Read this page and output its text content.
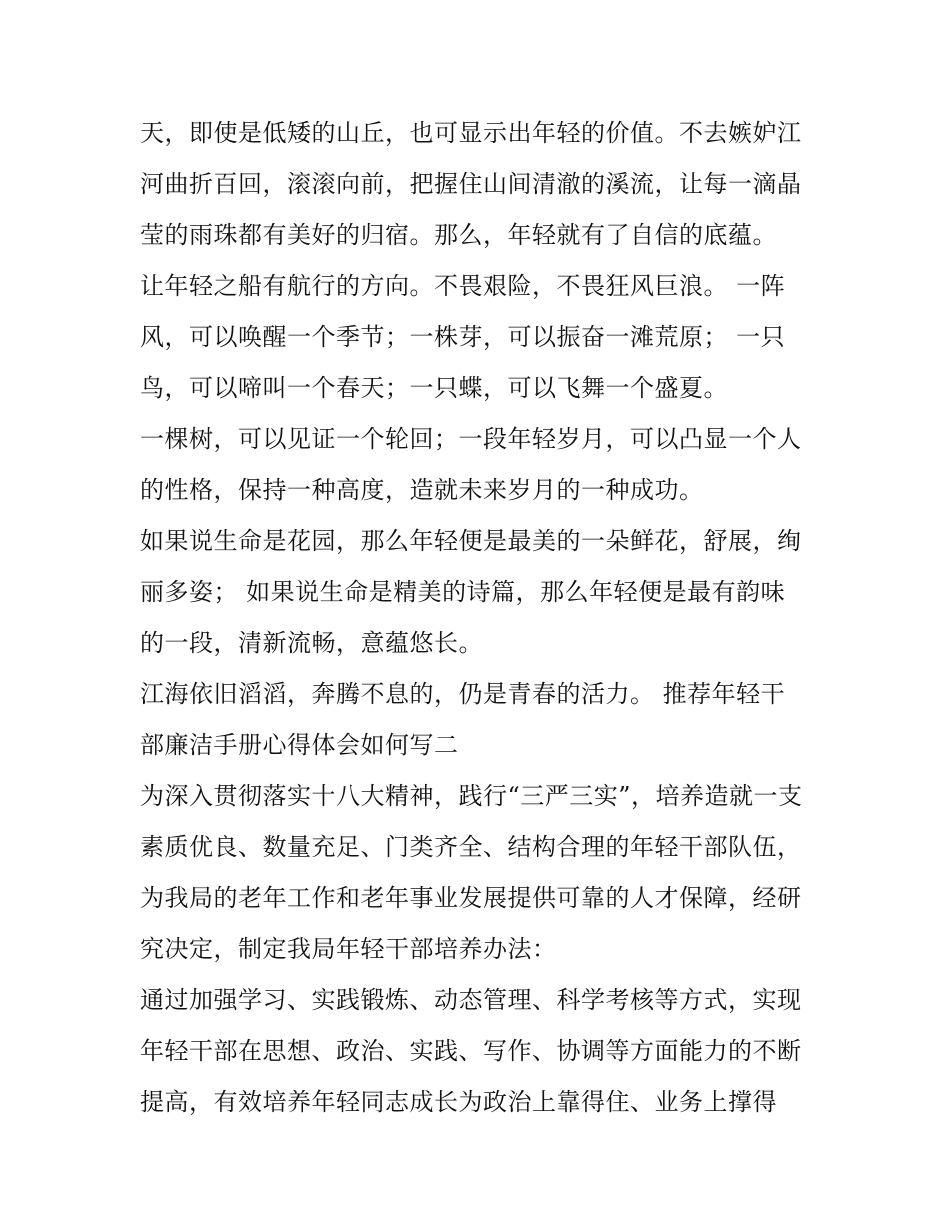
天，即使是低矮的山丘，也可显示出年轻的价值。不去嫉妒江
河曲折百回，滚滚向前，把握住山间清澈的溪流，让每一滴晶
莹的雨珠都有美好的归宿。那么，年轻就有了自信的底蕴。
让年轻之船有航行的方向。不畏艰险，不畏狂风巨浪。 一阵
风，可以唤醒一个季节；一株芽，可以振奋一滩荒原； 一只
鸟，可以啼叫一个春天；一只蝶，可以飞舞一个盛夏。
一棵树，可以见证一个轮回；一段年轻岁月，可以凸显一个人
的性格，保持一种高度，造就未来岁月的一种成功。
如果说生命是花园，那么年轻便是最美的一朵鲜花，舒展，绚
丽多姿； 如果说生命是精美的诗篇，那么年轻便是最有韵味
的一段，清新流畅，意蕴悠长。
江海依旧滔滔，奔腾不息的，仍是青春的活力。 推荐年轻干
部廉洁手册心得体会如何写二
为深入贯彻落实十八大精神，践行“三严三实”，培养造就一支
素质优良、数量充足、门类齐全、结构合理的年轻干部队伍，
为我局的老年工作和老年事业发展提供可靠的人才保障，经研
究决定，制定我局年轻干部培养办法：
通过加强学习、实践锻炼、动态管理、科学考核等方式，实现
年轻干部在思想、政治、实践、写作、协调等方面能力的不断
提高，有效培养年轻同志成长为政治上靠得住、业务上撑得
